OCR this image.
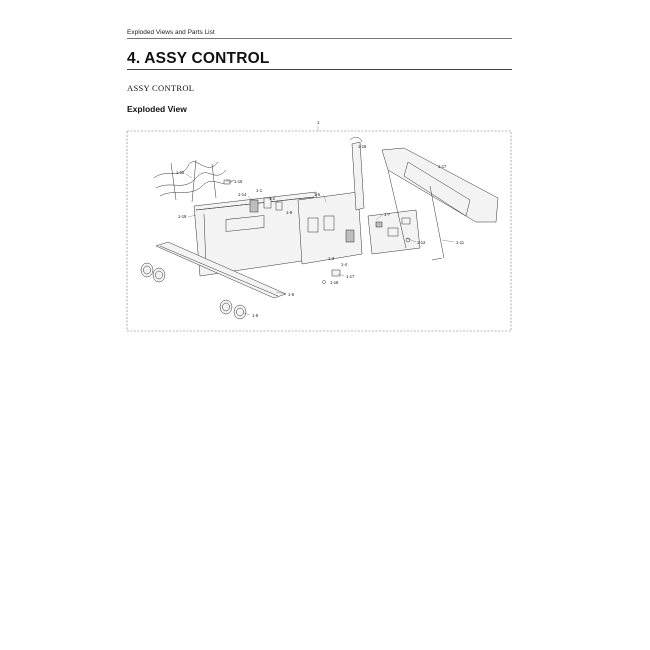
Exploded Views and Parts List
4. ASSY CONTROL
ASSY CONTROL
Exploded View
1
1-18
1-17
1-15
1-16
1-19
1-14
1-1
1-2
1-5
1-9	1-7
1-12	1-11
1-3
1-4
1-17
1-18
1-6
1-8
